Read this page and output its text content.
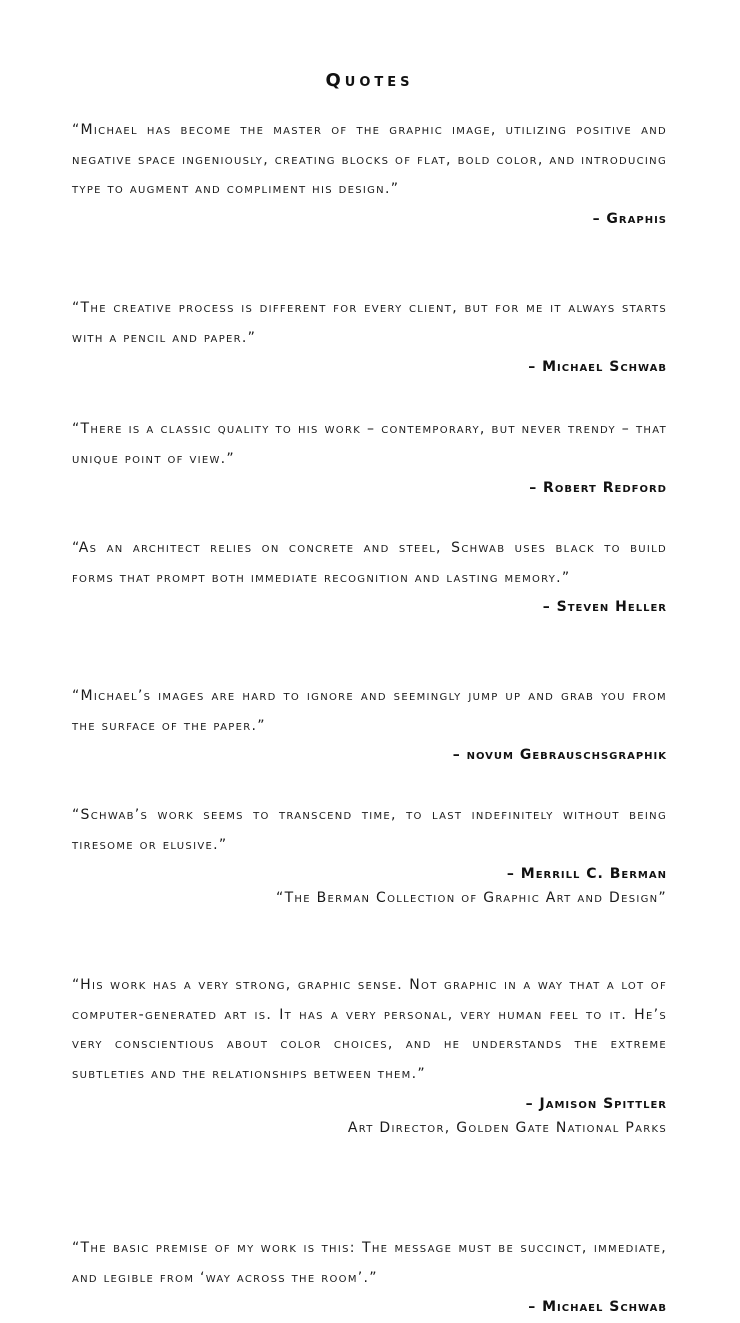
Quotes

“Michael has become the master of the graphic image, utilizing positive and negative space ingeniously, creating blocks of flat, bold color, and introducing type to augment and compliment his design.”

– Graphis

“The creative process is different for every client, but for me it always starts with a pencil and paper.”

– Michael Schwab

“There is a classic quality to his work – contemporary, but never trendy – that unique point of view.”

– Robert Redford

“As an architect relies on concrete and steel, Schwab uses black to build forms that prompt both immediate recognition and lasting memory.”

– Steven Heller

“Michael’s images are hard to ignore and seemingly jump up and grab you from the surface of the paper.”

– novum Gebrauschsgraphik

“Schwab’s work seems to transcend time, to last indefinitely without being tiresome or elusive.”

– Merrill C. Berman

“The Berman Collection of Graphic Art and Design”

“His work has a very strong, graphic sense. Not graphic in a way that a lot of computer-generated art is. It has a very personal, very human feel to it. He’s very conscientious about color choices, and he understands the extreme subtleties and the relationships between them.”

– Jamison Spittler

Art Director, Golden Gate National Parks

“The basic premise of my work is this: The message must be succinct, immediate, and legible from ‘way across the room’.”

– Michael Schwab
